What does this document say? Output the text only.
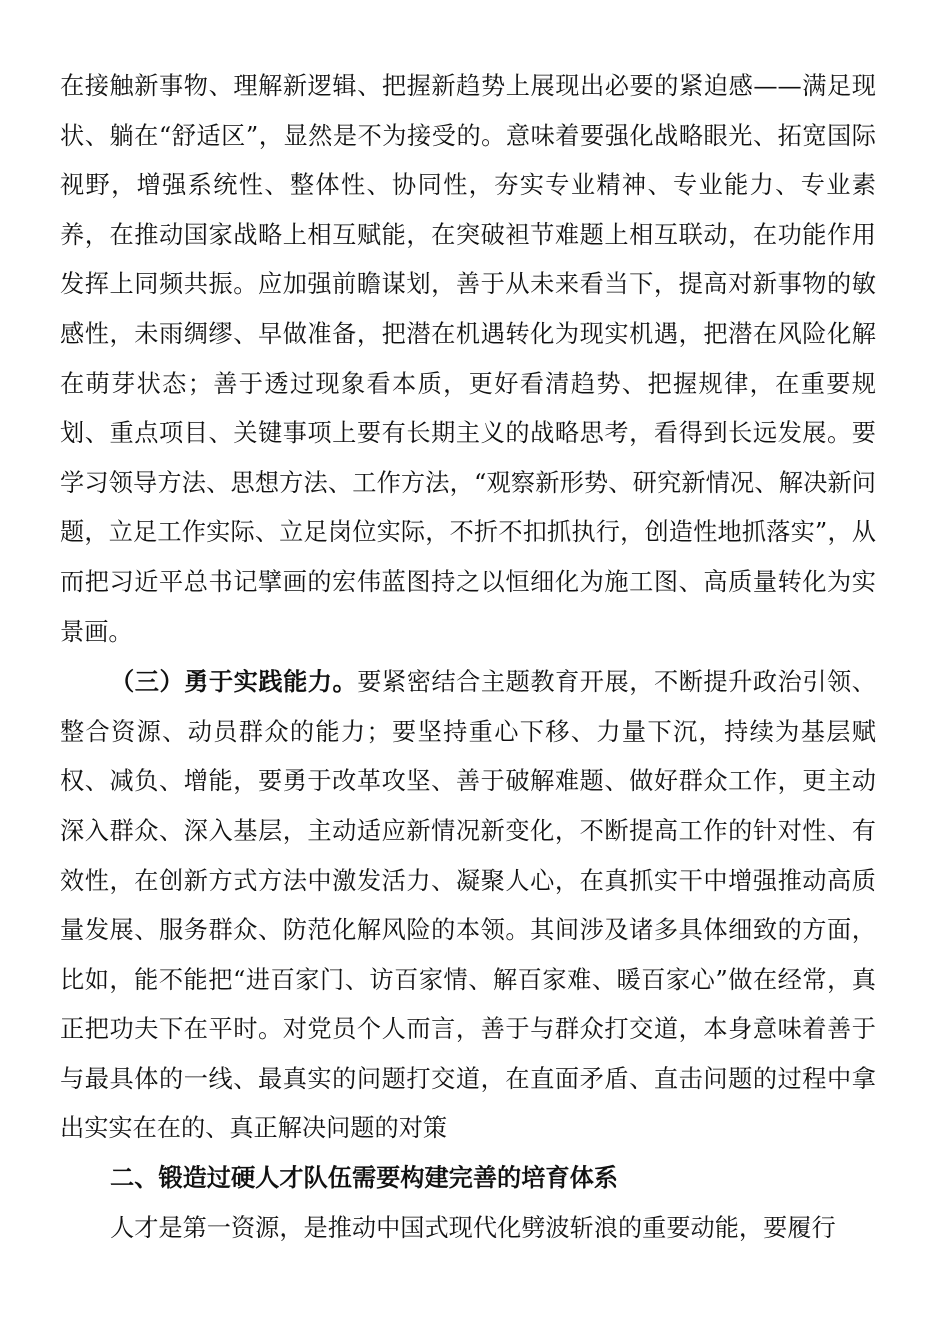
在接触新事物、理解新逻辑、把握新趋势上展现出必要的紧迫感——满足现状、躺在“舒适区”，显然是不为接受的。意味着要强化战略眼光、拓宽国际视野，增强系统性、整体性、协同性，夯实专业精神、专业能力、专业素养，在推动国家战略上相互赋能，在突破袒节难题上相互联动，在功能作用发挥上同频共振。应加强前瞻谋划，善于从未来看当下，提高对新事物的敏感性，未雨绸缪、早做准备，把潜在机遇转化为现实机遇，把潜在风险化解在萌芽状态；善于透过现象看本质，更好看清趋势、把握规律，在重要规划、重点项目、关键事项上要有长期主义的战略思考，看得到长远发展。要学习领导方法、思想方法、工作方法，“观察新形势、研究新情况、解决新问题，立足工作实际、立足岗位实际，不折不扣抓执行，创造性地抓落实”，从而把习近平总书记擘画的宏伟蓝图持之以恒细化为施工图、高质量转化为实景画。

（三）勇于实践能力。要紧密结合主题教育开展，不断提升政治引领、整合资源、动员群众的能力；要坚持重心下移、力量下沉，持续为基层赋权、减负、增能，要勇于改革攻坚、善于破解难题、做好群众工作，更主动深入群众、深入基层，主动适应新情况新变化，不断提高工作的针对性、有效性，在创新方式方法中激发活力、凝聚人心，在真抓实干中增强推动高质量发展、服务群众、防范化解风险的本领。其间涉及诸多具体细致的方面，比如，能不能把“进百家门、访百家情、解百家难、暖百家心”做在经常，真正把功夫下在平时。对党员个人而言，善于与群众打交道，本身意味着善于与最具体的一线、最真实的问题打交道，在直面矛盾、直击问题的过程中拿出实实在在的、真正解决问题的对策

二、锻造过硬人才队伍需要构建完善的培育体系

人才是第一资源，是推动中国式现代化劈波斩浪的重要动能，要履行
